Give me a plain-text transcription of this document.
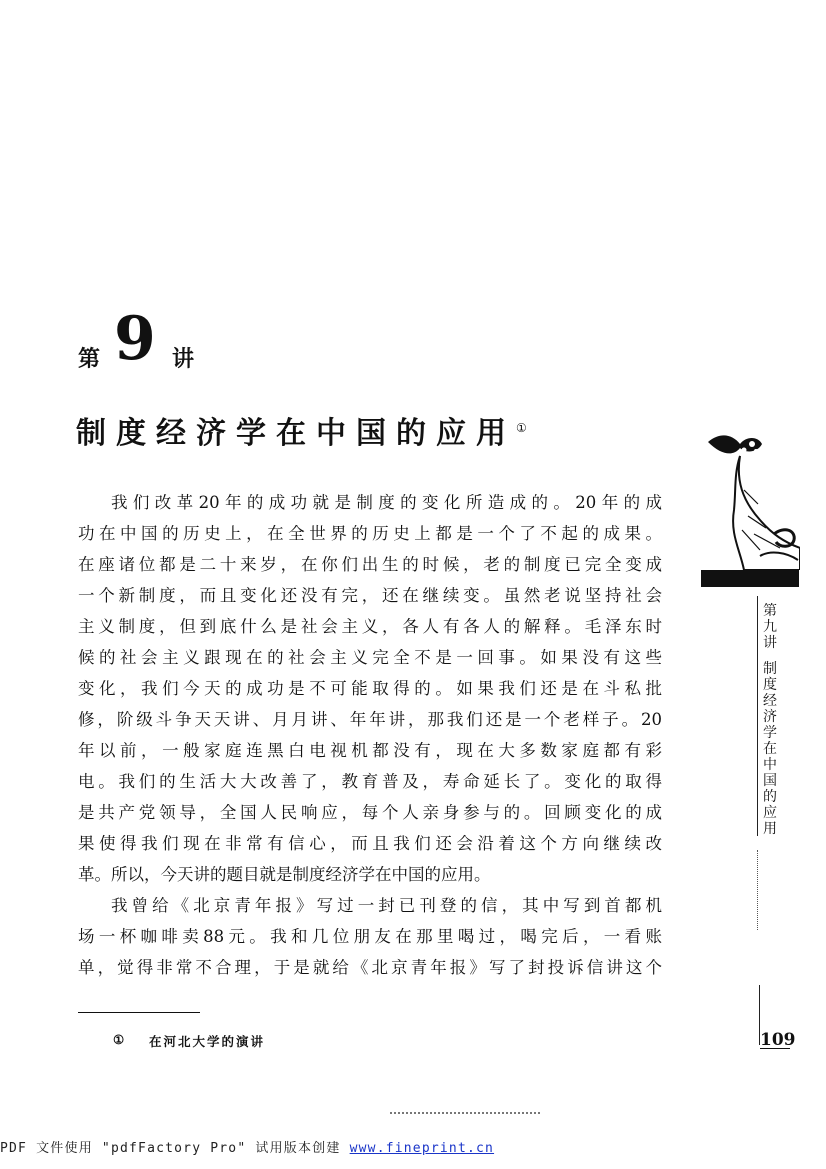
第 9 讲
制度经济学在中国的应用①
我们改革20年的成功就是制度的变化所造成的。20年的成
功在中国的历史上，在全世界的历史上都是一个了不起的成果。
在座诸位都是二十来岁，在你们出生的时候，老的制度已完全变成
一个新制度，而且变化还没有完，还在继续变。虽然老说坚持社会
主义制度，但到底什么是社会主义，各人有各人的解释。毛泽东时
候的社会主义跟现在的社会主义完全不是一回事。如果没有这些
变化，我们今天的成功是不可能取得的。如果我们还是在斗私批
修，阶级斗争天天讲、月月讲、年年讲，那我们还是一个老样子。20
年以前，一般家庭连黑白电视机都没有，现在大多数家庭都有彩
电。我们的生活大大改善了，教育普及，寿命延长了。变化的取得
是共产党领导，全国人民响应，每个人亲身参与的。回顾变化的成
果使得我们现在非常有信心，而且我们还会沿着这个方向继续改
革。所以，今天讲的题目就是制度经济学在中国的应用。
我曾给《北京青年报》写过一封已刊登的信，其中写到首都机
场一杯咖啡卖88元。我和几位朋友在那里喝过，喝完后，一看账
单，觉得非常不合理，于是就给《北京青年报》写了封投诉信讲这个
① 在河北大学的演讲
第九讲
制度经济学在中国的应用
109
PDF 文件使用 "pdfFactory Pro" 试用版本创建 www.fineprint.cn
